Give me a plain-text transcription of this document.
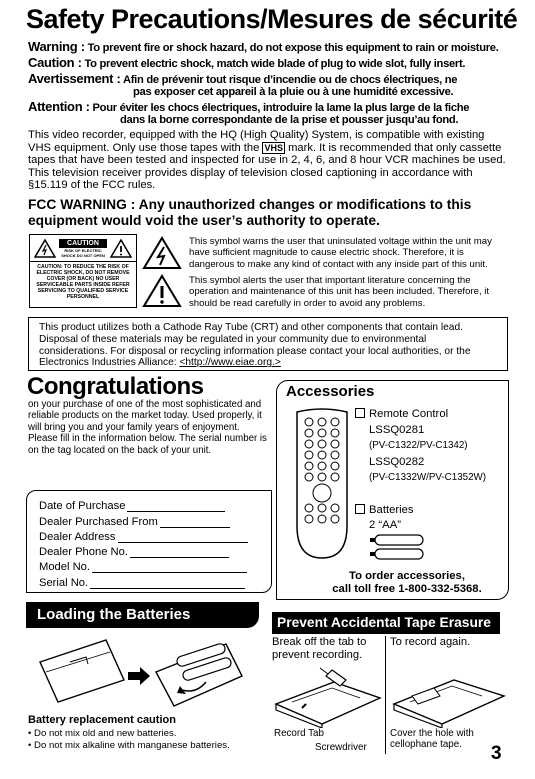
Safety Precautions/Mesures de sécurité
Warning : To prevent fire or shock hazard, do not expose this equipment to rain or moisture.
Caution : To prevent electric shock, match wide blade of plug to wide slot, fully insert.
Avertissement : Afin de prévenir tout risque d’incendie ou de chocs électriques, ne
pas exposer cet appareil à la pluie ou à une humidité excessive.
Attention : Pour éviter les chocs électriques, introduire la lame la plus large de la fiche
dans la borne correspondante de la prise et pousser jusqu’au fond.
This video recorder, equipped with the HQ (High Quality) System, is compatible with existing VHS equipment. Only use those tapes with the VHS mark. It is recommended that only cassette tapes that have been tested and inspected for use in 2, 4, 6, and 8 hour VCR machines be used. This television receiver provides display of television closed captioning in accordance with §15.119 of the FCC rules.
FCC WARNING : Any unauthorized changes or modifications to this equipment would void the user’s authority to operate.
CAUTION
RISK OF ELECTRIC SHOCK DO NOT OPEN
CAUTION: TO REDUCE THE RISK OF ELECTRIC SHOCK, DO NOT REMOVE COVER (OR BACK) NO USER SERVICEABLE PARTS INSIDE REFER SERVICING TO QUALIFIED SERVICE PERSONNEL
This symbol warns the user that uninsulated voltage within the unit may have sufficient magnitude to cause electric shock. Therefore, it is dangerous to make any kind of contact with any inside part of this unit.
This symbol alerts the user that important literature concerning the operation and maintenance of this unit has been included. Therefore, it should be read carefully in order to avoid any problems.
This product utilizes both a Cathode Ray Tube (CRT) and other components that contain lead. Disposal of these materials may be regulated in your community due to environmental considerations. For disposal or recycling information please contact your local authorities, or the Electronics Industries Alliance: <http://www.eiae.org.>
Congratulations
on your purchase of one of the most sophisticated and reliable products on the market today. Used properly, it will bring you and your family years of enjoyment. Please fill in the information below. The serial number is on the tag located on the back of your unit.
Date of Purchase
Dealer Purchased From
Dealer Address
Dealer Phone No.
Model No.
Serial No.
Accessories
Remote Control
LSSQ0281
(PV-C1322/PV-C1342)
LSSQ0282
(PV-C1332W/PV-C1352W)
Batteries
2 “AA”
To order accessories,
call toll free 1-800-332-5368.
Loading the Batteries
Battery replacement caution
• Do not mix old and new batteries.
• Do not mix alkaline with manganese batteries.
Prevent Accidental Tape Erasure
Break off the tab to prevent recording.
To record again.
Record Tab
Screwdriver
Cover the hole with cellophane tape.	3
